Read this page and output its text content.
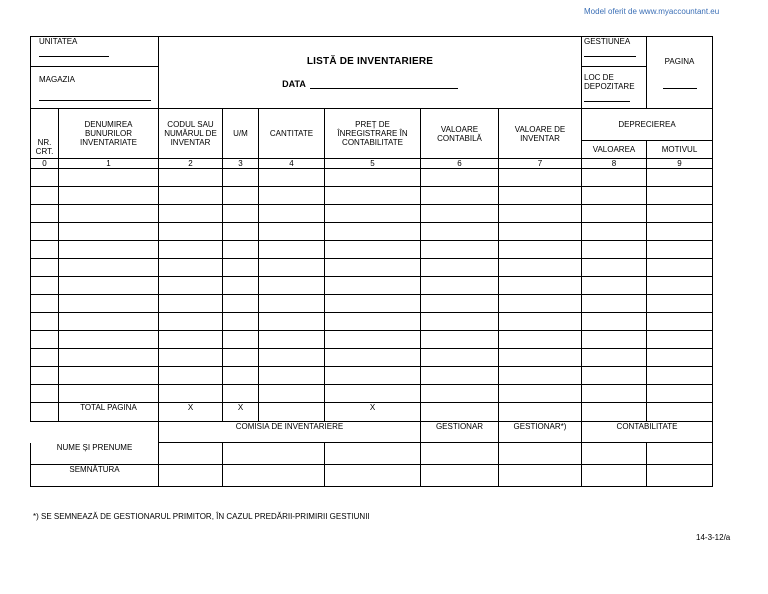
Model oferit de www.myaccountant.eu
UNITATEA		LISTĂ DE INVENTARIERE
DATA						GESTIUNEA	PAGINA

MAGAZIA								LOC DE
DEPOZITARE	

NR. CRT.	DENUMIREA BUNURILOR INVENTARIATE	CODUL SAU NUMĂRUL DE INVENTAR	U/M	CANTITATE	PREȚ DE ÎNREGISTRARE ÎN CONTABILITATE	VALOARE CONTABILĂ	VALOARE DE INVENTAR	DEPRECIEREA	
								VALOAREA	MOTIVUL
0	1	2	3	4	5	6	7	8	9

	TOTAL PAGINA	X	X		X				
		COMISIA DE INVENTARIERE				GESTIONAR	GESTIONAR*)	CONTABILITATE	
NUME ȘI PRENUME									
SEMNĂTURA									
*) SE SEMNEAZĂ DE GESTIONARUL PRIMITOR, ÎN CAZUL PREDĂRII-PRIMIRII GESTIUNII
14-3-12/a
